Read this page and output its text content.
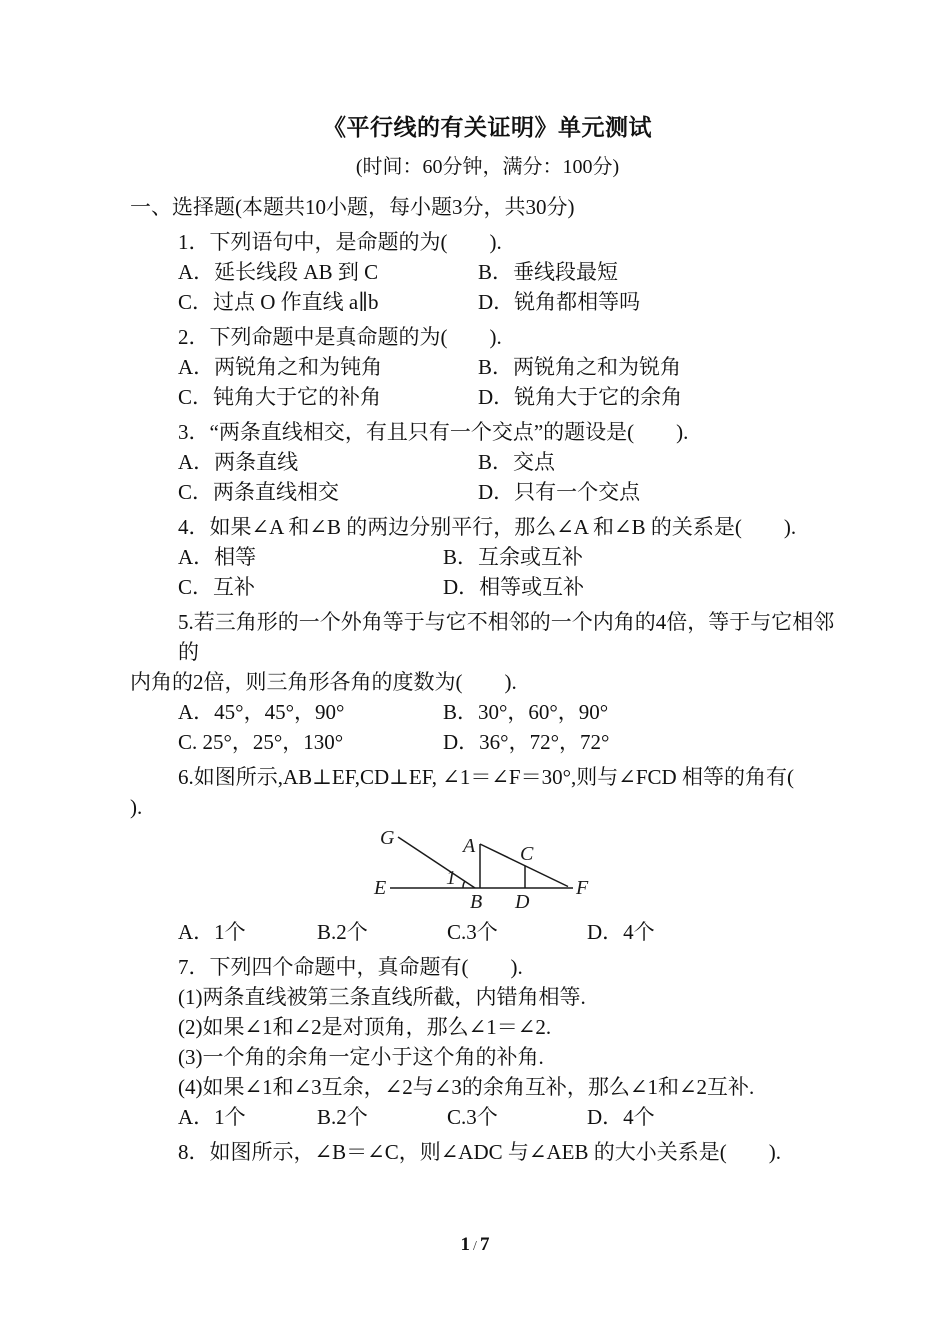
《平行线的有关证明》单元测试
(时间：60分钟，满分：100分)
一、选择题(本题共10小题，每小题3分，共30分)
1．下列语句中，是命题的为(　　).
A．延长线段 AB 到 C	B．垂线段最短
C．过点 O 作直线 a∥b	D．锐角都相等吗
2．下列命题中是真命题的为(　　).
A．两锐角之和为钝角	B．两锐角之和为锐角
C．钝角大于它的补角	D．锐角大于它的余角
3．“两条直线相交，有且只有一个交点”的题设是(　　).
A．两条直线	B．交点
C．两条直线相交	D．只有一个交点
4．如果∠A 和∠B 的两边分别平行，那么∠A 和∠B 的关系是(　　).
A．相等	B．互余或互补
C．互补	D．相等或互补
5.若三角形的一个外角等于与它不相邻的一个内角的4倍，等于与它相邻的
内角的2倍，则三角形各角的度数为(　　).
A．45°，45°，90°	B．30°，60°，90°
C. 25°，25°，130°	D．36°，72°，72°
6.如图所示,AB⊥EF,CD⊥EF, ∠1＝∠F＝30°,则与∠FCD 相等的角有(
).
G
E	1
A
B
C
D
F
A．1个	B.2个	C.3个	D．4个
7．下列四个命题中，真命题有(　　).
(1)两条直线被第三条直线所截，内错角相等.
(2)如果∠1和∠2是对顶角，那么∠1＝∠2.
(3)一个角的余角一定小于这个角的补角.
(4)如果∠1和∠3互余，∠2与∠3的余角互补，那么∠1和∠2互补.
A．1个	B.2个	C.3个	D．4个
8．如图所示，∠B＝∠C，则∠ADC 与∠AEB 的大小关系是(　　).
1 / 7
